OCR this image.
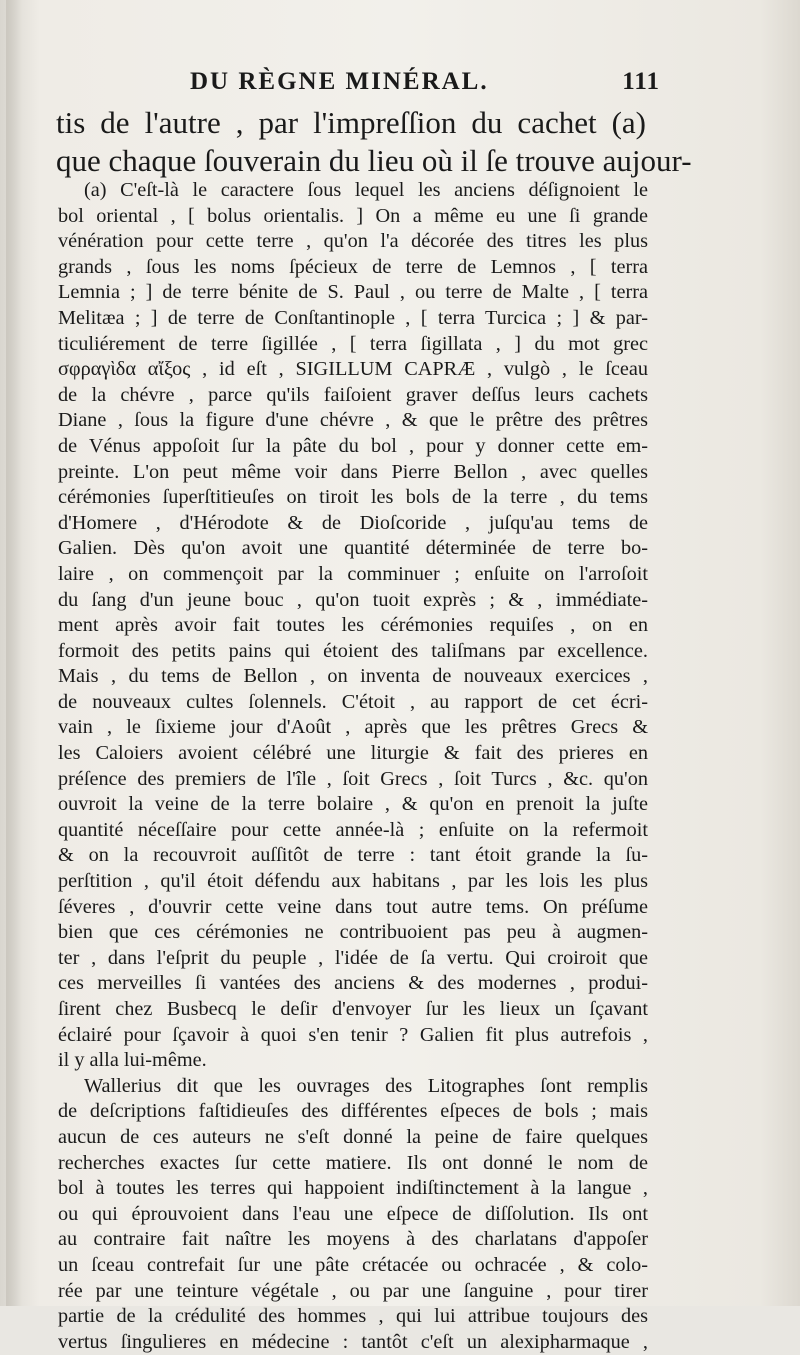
DU RÈGNE MINÉRAL.	111
tis de l'autre , par l'impreſſion du cachet (a)
que chaque ſouverain du lieu où il ſe trouve aujour-
(a) C'eſt-là le caractere ſous lequel les anciens déſignoient le
bol oriental , [ bolus orientalis. ] On a même eu une ſi grande
vénération pour cette terre , qu'on l'a décorée des titres les plus
grands , ſous les noms ſpécieux de terre de Lemnos , [ terra
Lemnia ; ] de terre bénite de S. Paul , ou terre de Malte , [ terra
Melitæa ; ] de terre de Conſtantinople , [ terra Turcica ; ] & par-
ticuliérement de terre ſigillée , [ terra ſigillata , ] du mot grec
σφραγὶδα αἴξος , id eſt , SIGILLUM CAPRÆ , vulgò , le ſceau
de la chévre , parce qu'ils faiſoient graver deſſus leurs cachets
Diane , ſous la figure d'une chévre , & que le prêtre des prêtres
de Vénus appoſoit ſur la pâte du bol , pour y donner cette em-
preinte. L'on peut même voir dans Pierre Bellon , avec quelles
cérémonies ſuperſtitieuſes on tiroit les bols de la terre , du tems
d'Homere , d'Hérodote & de Dioſcoride , juſqu'au tems de
Galien. Dès qu'on avoit une quantité déterminée de terre bo-
laire , on commençoit par la comminuer ; enſuite on l'arroſoit
du ſang d'un jeune bouc , qu'on tuoit exprès ; & , immédiate-
ment après avoir fait toutes les cérémonies requiſes , on en
formoit des petits pains qui étoient des taliſmans par excellence.
Mais , du tems de Bellon , on inventa de nouveaux exercices ,
de nouveaux cultes ſolennels. C'étoit , au rapport de cet écri-
vain , le ſixieme jour d'Août , après que les prêtres Grecs &
les Caloiers avoient célébré une liturgie & fait des prieres en
préſence des premiers de l'île , ſoit Grecs , ſoit Turcs , &c. qu'on
ouvroit la veine de la terre bolaire , & qu'on en prenoit la juſte
quantité néceſſaire pour cette année-là ; enſuite on la refermoit
& on la recouvroit auſſitôt de terre : tant étoit grande la ſu-
perſtition , qu'il étoit défendu aux habitans , par les lois les plus
ſéveres , d'ouvrir cette veine dans tout autre tems. On préſume
bien que ces cérémonies ne contribuoient pas peu à augmen-
ter , dans l'eſprit du peuple , l'idée de ſa vertu. Qui croiroit que
ces merveilles ſi vantées des anciens & des modernes , produi-
ſirent chez Busbecq le deſir d'envoyer ſur les lieux un ſçavant
éclairé pour ſçavoir à quoi s'en tenir ? Galien fit plus autrefois ,
il y alla lui-même.
Wallerius dit que les ouvrages des Litographes ſont remplis
de deſcriptions faſtidieuſes des différentes eſpeces de bols ; mais
aucun de ces auteurs ne s'eſt donné la peine de faire quelques
recherches exactes ſur cette matiere. Ils ont donné le nom de
bol à toutes les terres qui happoient indiſtinctement à la langue ,
ou qui éprouvoient dans l'eau une eſpece de diſſolution. Ils ont
au contraire fait naître les moyens à des charlatans d'appoſer
un ſceau contrefait ſur une pâte crétacée ou ochracée , & colo-
rée par une teinture végétale , ou par une ſanguine , pour tirer
partie de la crédulité des hommes , qui lui attribue toujours des
vertus ſingulieres en médecine : tantôt c'eſt un alexipharmaque ,
